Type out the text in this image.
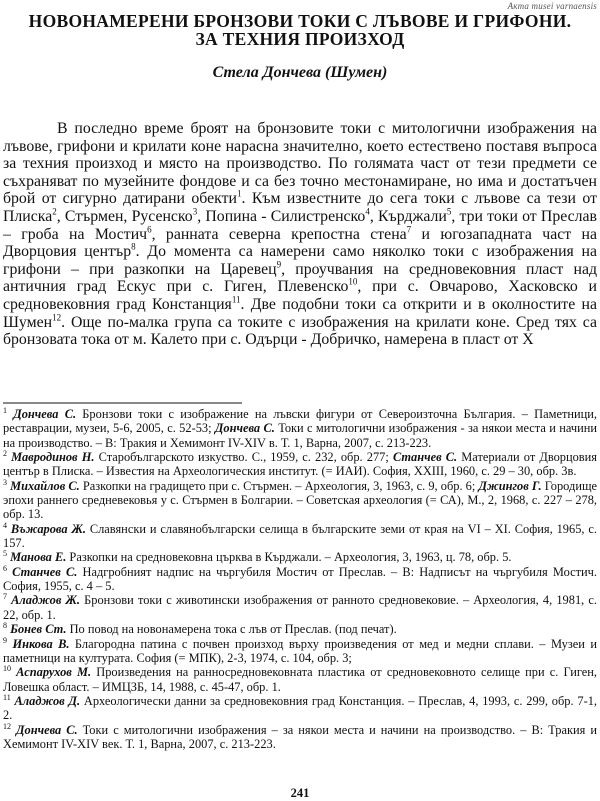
Акта musei varnaensis
НОВОНАМЕРЕНИ БРОНЗОВИ ТОКИ С ЛЪВОВЕ И ГРИФОНИ.
ЗА ТЕХНИЯ ПРОИЗХОД
Стела Дончева (Шумен)

В последно време броят на бронзовите токи с митологични изображения на лъвове, грифони и крилати коне нарасна значително, което естествено поставя въпроса за техния произход и място на производство. По голямата част от тези предмети се съхраняват по музейните фондове и са без точно местонамиране, но има и достатъчен брой от сигурно датирани обекти$^1$. Към известните до сега токи с лъвове са тези от Плиска$^2$, Стърмен, Русенско$^3$, Попина - Силистренско$^4$, Кърджали$^5$, три токи от Преслав – гроба на Мостич$^6$, ранната северна крепостна стена$^7$ и югозападната част на Дворцовия център$^8$. До момента са намерени само няколко токи с изображения на грифони – при разкопки на Царевец$^9$, проучвания на средновековния пласт над античния град Ескус при с. Гиген, Плевенско$^{10}$, при с. Овчарово, Хасковско и средновековния град Констанция$^{11}$. Две подобни токи са открити и в околностите на Шумен$^{12}$. Още по-малка група са токите с изображения на крилати коне. Сред тях са бронзовата тока от м. Калето при с. Одърци - Добричко, намерена в пласт от X

$^1$ Дончева С. Бронзови токи с изображение на лъвски фигури от Североизточна България. – Паметници, реставрации, музеи, 5-6, 2005, с. 52-53; Дончева С. Токи с митологични изображения - за някои места и начини на производство. – В: Тракия и Хемимонт IV-XIV в. Т. 1, Варна, 2007, с. 213-223.

$^2$ Мавродинов Н. Старобългарското изкуство. С., 1959, с. 232, обр. 277; Станчев С. Материали от Дворцовия център в Плиска. – Известия на Археологическия институт. (= ИАИ). София, XXIII, 1960, с. 29 – 30, обр. 3в.

$^3$ Михайлов С. Разкопки на градището при с. Стърмен. – Археология, 3, 1963, с. 9, обр. 6; Джингов Г. Городище эпохи раннего средневековья у с. Стърмен в Болгарии. – Советская археология (= СА), М., 2, 1968, с. 227 – 278, обр. 13.

$^4$ Въжарова Ж. Славянски и славянобългарски селища в българските земи от края на VI – XI. София, 1965, с. 157.

$^5$ Манова Е. Разкопки на средновековна църква в Кърджали. – Археология, 3, 1963, ц. 78, обр. 5.

$^6$ Станчев С. Надгробният надпис на чъргубиля Мостич от Преслав. – В: Надписът на чъргубиля Мостич. София, 1955, с. 4 – 5.

$^7$ Аладжов Ж. Бронзови токи с животински изображения от ранното средновековие. – Археология, 4, 1981, с. 22, обр. 1.

$^8$ Бонев Ст. По повод на новонамерена тока с лъв от Преслав. (под печат).

$^9$ Инкова В. Благородна патина с почвен произход върху произведения от мед и медни сплави. – Музеи и паметници на културата. София (= МПК), 2-3, 1974, с. 104, обр. 3;

$^{10}$ Аспарухов М. Произведения на ранносредновековната пластика от средновековното селище при с. Гиген, Ловешка област. – ИМЦЗБ, 14, 1988, с. 45-47, обр. 1.

$^{11}$ Аладжов Д. Археологически данни за средновековния град Констанция. – Преслав, 4, 1993, с. 299, обр. 7-1, 2.

$^{12}$ Дончева С. Токи с митологични изображения – за някои места и начини на производство. – В: Тракия и Хемимонт IV-XIV век. Т. 1, Варна, 2007, с. 213-223.

241
